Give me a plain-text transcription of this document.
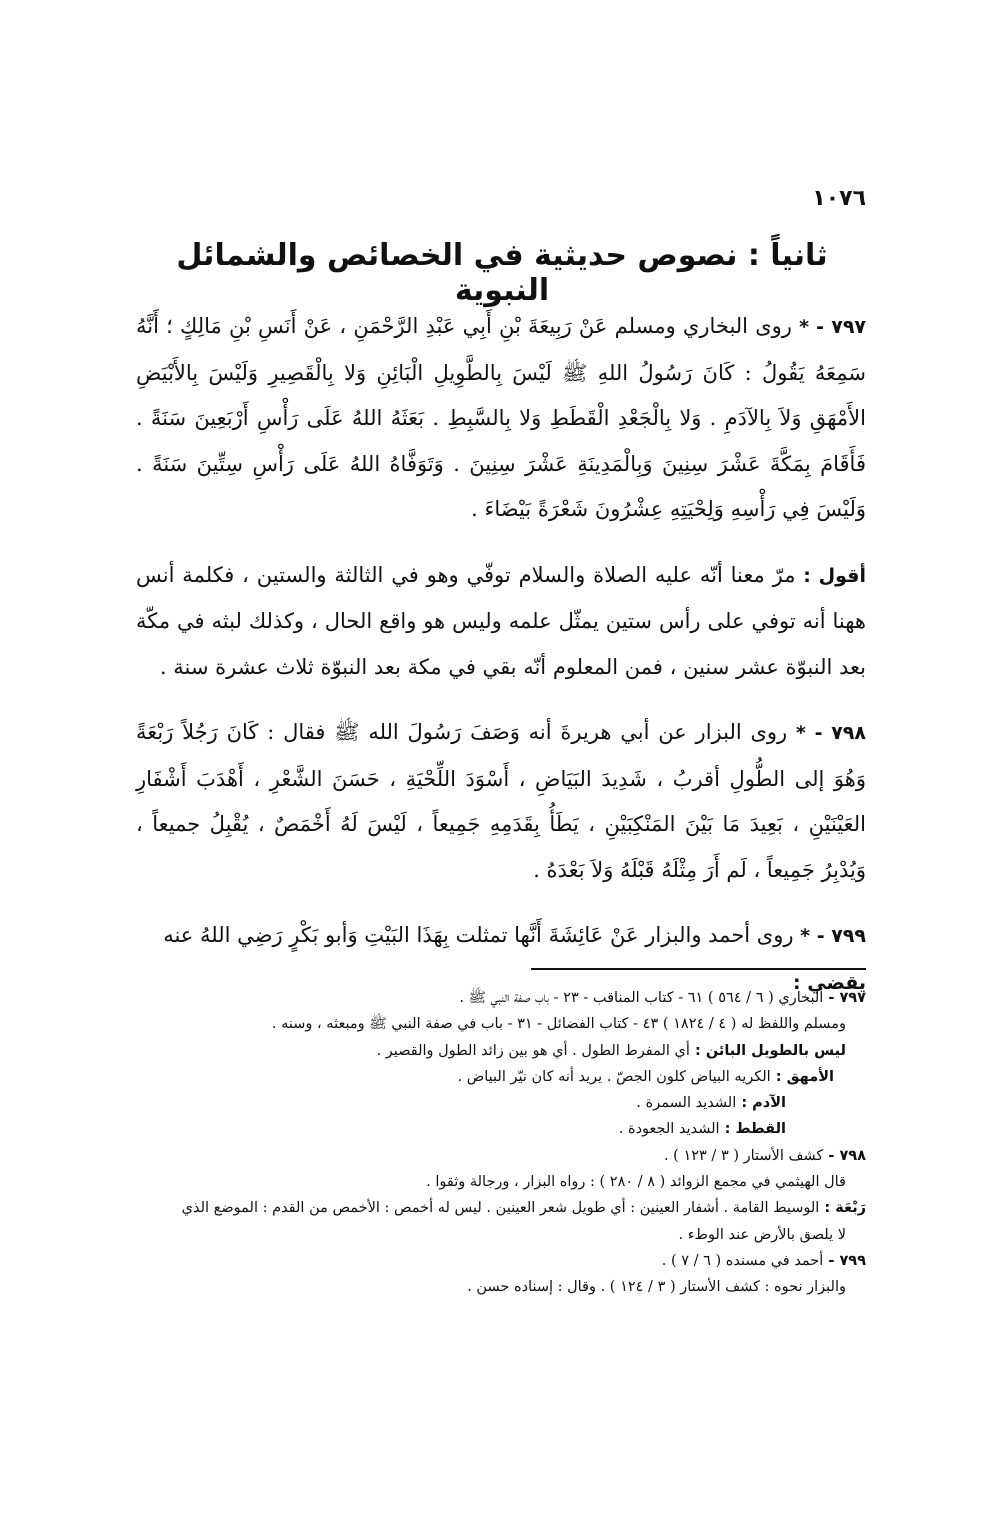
١٠٧٦
ثانياً : نصوص حديثية في الخصائص والشمائل النبوية

٧٩٧ - * روى البخاري ومسلم عَنْ رَبِيعَةَ بْنِ أَبِي عَبْدِ الرَّحْمَنِ ، عَنْ أَنَسِ بْنِ مَالِكٍ ؛ أَنَّهُ سَمِعَهُ يَقُولُ : كَانَ رَسُولُ اللهِ ﷺ لَيْسَ بِالطَّوِيلِ الْبَائِنِ وَلا بِالْقَصِيرِ وَلَيْسَ بِالأَبْيَضِ الأَمْهَقِ وَلاَ بِالآدَمِ . وَلا بِالْجَعْدِ الْقَطَطِ وَلا بِالسَّبِطِ . بَعَثَهُ اللهُ عَلَى رَأْسِ أَرْبَعِينَ سَنَةً . فَأَقَامَ بِمَكَّةَ عَشْرَ سِنِينَ وَبِالْمَدِينَةِ عَشْرَ سِنِينَ . وَتَوَفَّاهُ اللهُ عَلَى رَأْسِ سِتِّينَ سَنَةً . وَلَيْسَ فِي رَأْسِهِ وَلِحْيَتِهِ عِشْرُونَ شَعْرَةً بَيْضَاءَ .

أقول : مرّ معنا أنّه عليه الصلاة والسلام توفّي وهو في الثالثة والستين ، فكلمة أنس ههنا أنه توفي على رأس ستين يمثّل علمه وليس هو واقع الحال ، وكذلك لبثه في مكّة بعد النبوّة عشر سنين ، فمن المعلوم أنّه بقي في مكة بعد النبوّة ثلاث عشرة سنة .

٧٩٨ - * روى البزار عن أبي هريرةَ أنه وَصَفَ رَسُولَ الله ﷺ فقال : كَانَ رَجُلاً رَبْعَةً وَهُوَ إلى الطُّولِ أقربُ ، شَدِيدَ البَيَاضِ ، أَسْوَدَ اللِّحْيَةِ ، حَسَنَ الشَّعْرِ ، أَهْدَبَ أَشْفَارِ العَيْنَيْنِ ، بَعِيدَ مَا بَيْنَ المَنْكِبَيْنِ ، يَطَأُ بِقَدَمِهِ جَمِيعاً ، لَيْسَ لَهُ أَخْمَصٌ ، يُقْبِلُ جميعاً ، وَيُدْبِرُ جَمِيعاً ، لَم أَرَ مِثْلَهُ قَبْلَهُ وَلاَ بَعْدَهُ .

٧٩٩ - * روى أحمد والبزار عَنْ عَائِشَةَ أَنَّها تمثلت بِهَذَا البَيْتِ وَأبو بَكْرٍ رَضِي اللهُ عنه
يقضي :

٧٩٧ - البخاري ( ٦ / ٥٦٤ ) ٦١ - كتاب المناقب - ٢٣ - باب صفة النبي ﷺ .

ومسلم واللفظ له ( ٤ / ١٨٢٤ ) ٤٣ - كتاب الفضائل - ٣١ - باب في صفة النبي ﷺ ومبعثه ، وسنه .

ليس بالطويل البائن : أي المفرط الطول . أي هو بين زائد الطول والقصير .

الأمهق : الكريه البياض كلون الجصّ . يريد أنه كان نيّر البياض .

الآدم : الشديد السمرة .

القطط : الشديد الجعودة .

٧٩٨ - كشف الأستار ( ٣ / ١٢٣ ) .

قال الهيثمي في مجمع الزوائد ( ٨ / ٢٨٠ ) : رواه البزار ، ورجالة وثقوا .

رَبْعَة : الوسيط القامة . أشفار العينين : أي طويل شعر العينين . ليس له أخمص : الأخمص من القدم : الموضع الذي

لا يلصق بالأرض عند الوطء .

٧٩٩ - أحمد في مسنده ( ٦ / ٧ ) .

والبزار نحوه : كشف الأستار ( ٣ / ١٢٤ ) . وقال : إسناده حسن .
